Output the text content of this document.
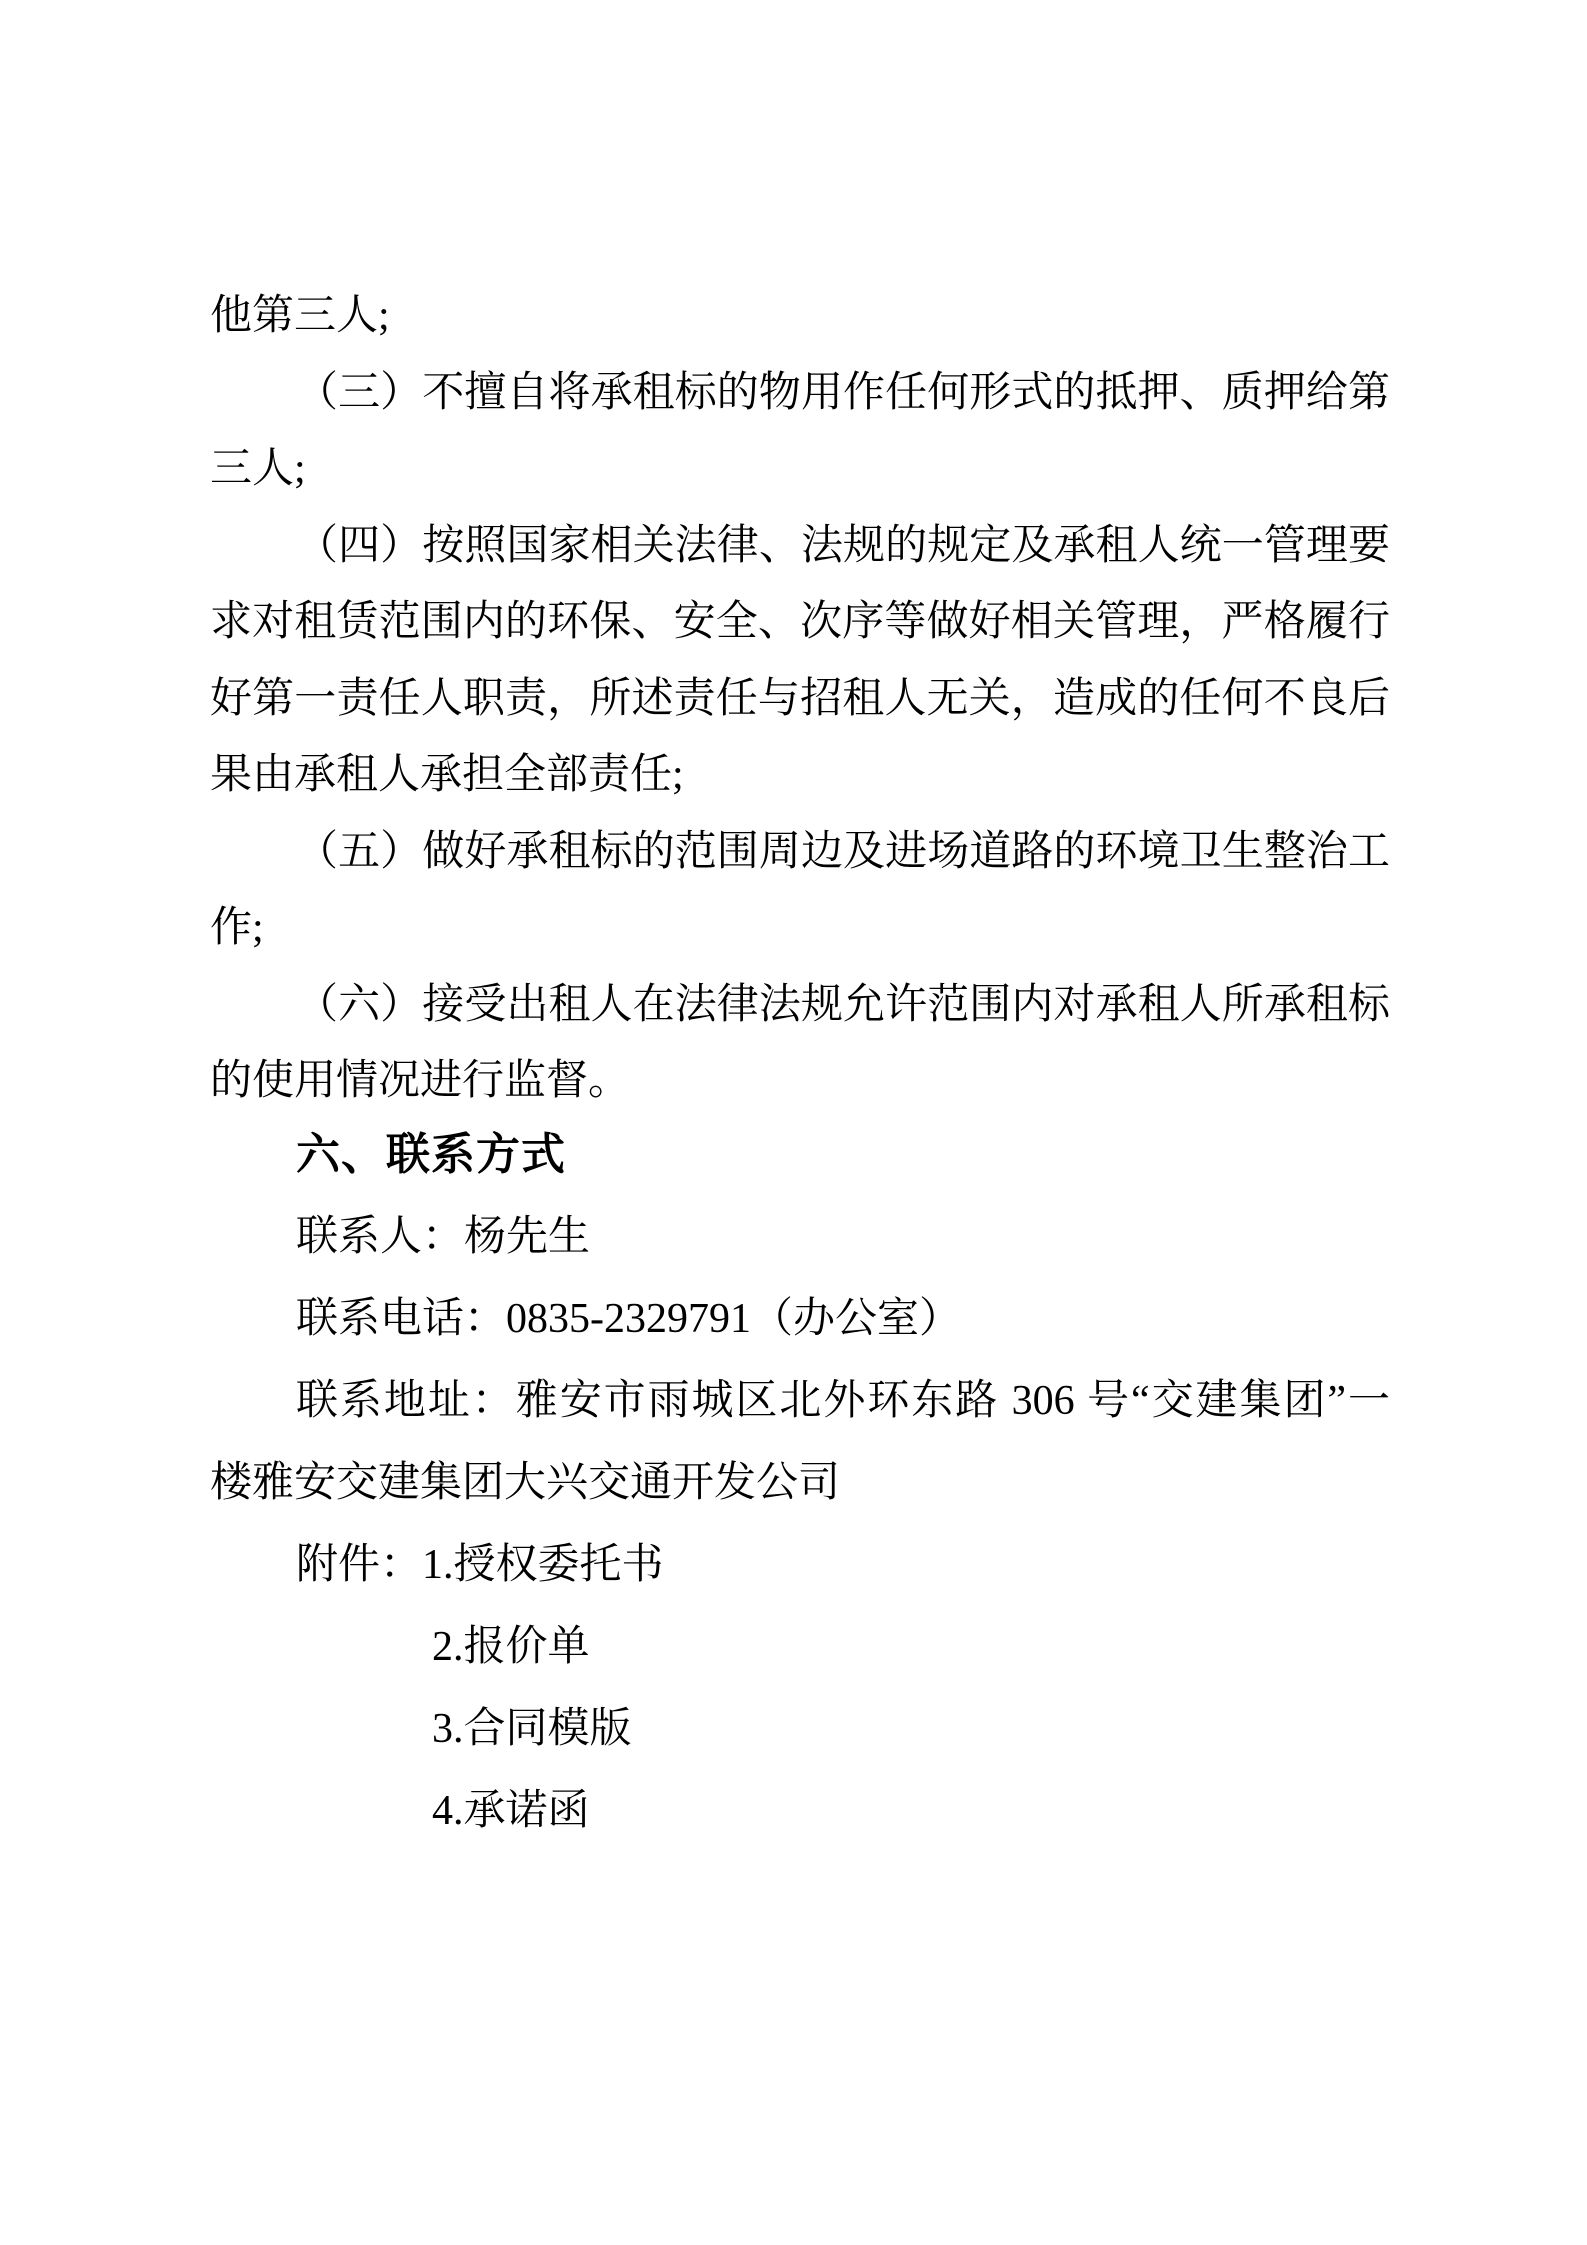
他第三人;
（三）不擅自将承租标的物用作任何形式的抵押、质押给第
三人;
（四）按照国家相关法律、法规的规定及承租人统一管理要
求对租赁范围内的环保、安全、次序等做好相关管理，严格履行
好第一责任人职责，所述责任与招租人无关，造成的任何不良后
果由承租人承担全部责任;
（五）做好承租标的范围周边及进场道路的环境卫生整治工
作;
（六）接受出租人在法律法规允许范围内对承租人所承租标
的使用情况进行监督。
六、联系方式
联系人：杨先生
联系电话：0835-2329791（办公室）
联系地址：雅安市雨城区北外环东路 306 号“交建集团”一
楼雅安交建集团大兴交通开发公司
附件：1.授权委托书
2.报价单
3.合同模版
4.承诺函
